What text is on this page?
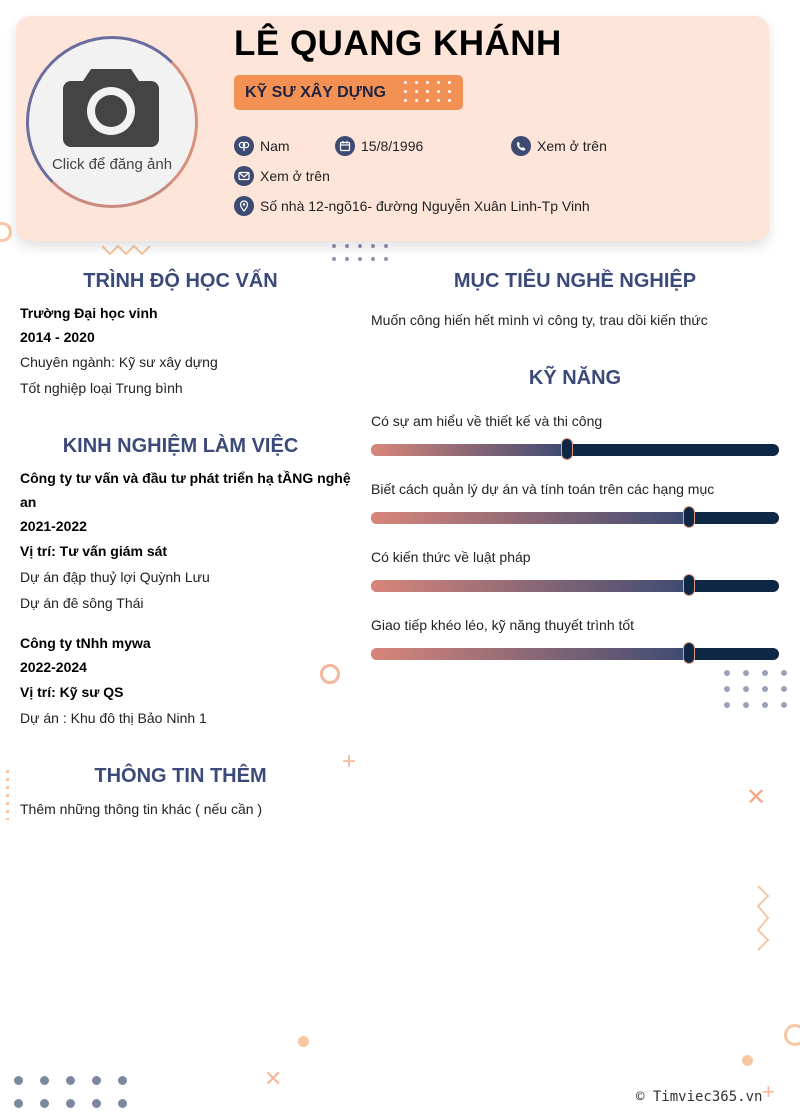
+
✕
✕
+
Click để đăng ảnh
LÊ QUANG KHÁNH
KỸ SƯ XÂY DỰNG
Nam	15/8/1996	Xem ở trên
Xem ở trên
Số nhà 12-ngõ16- đường Nguyễn Xuân Linh-Tp Vinh
TRÌNH ĐỘ HỌC VẤN
Trường Đại học vinh
2014 - 2020
Chuyên ngành: Kỹ sư xây dựng
Tốt nghiệp loại Trung bình
KINH NGHIỆM LÀM VIỆC
Công ty tư vấn và đầu tư phát triển hạ tẦNG nghệ
an
2021-2022
Vị trí: Tư vấn giám sát
Dự án đập thuỷ lợi Quỳnh Lưu
Dự án đê sông Thái
Công ty tNhh mywa
2022-2024
Vị trí: Kỹ sư QS
Dự án : Khu đô thị Bảo Ninh 1
THÔNG TIN THÊM
Thêm những thông tin khác ( nếu cần )
MỤC TIÊU NGHỀ NGHIỆP
Muốn công hiến hết mình vì công ty, trau dồi kiến thức
KỸ NĂNG
Có sự am hiểu về thiết kế và thi công
Biết cách quản lý dự án và tính toán trên các hạng mục
Có kiến thức về luật pháp
Giao tiếp khéo léo, kỹ năng thuyết trình tốt
© Timviec365.vn
